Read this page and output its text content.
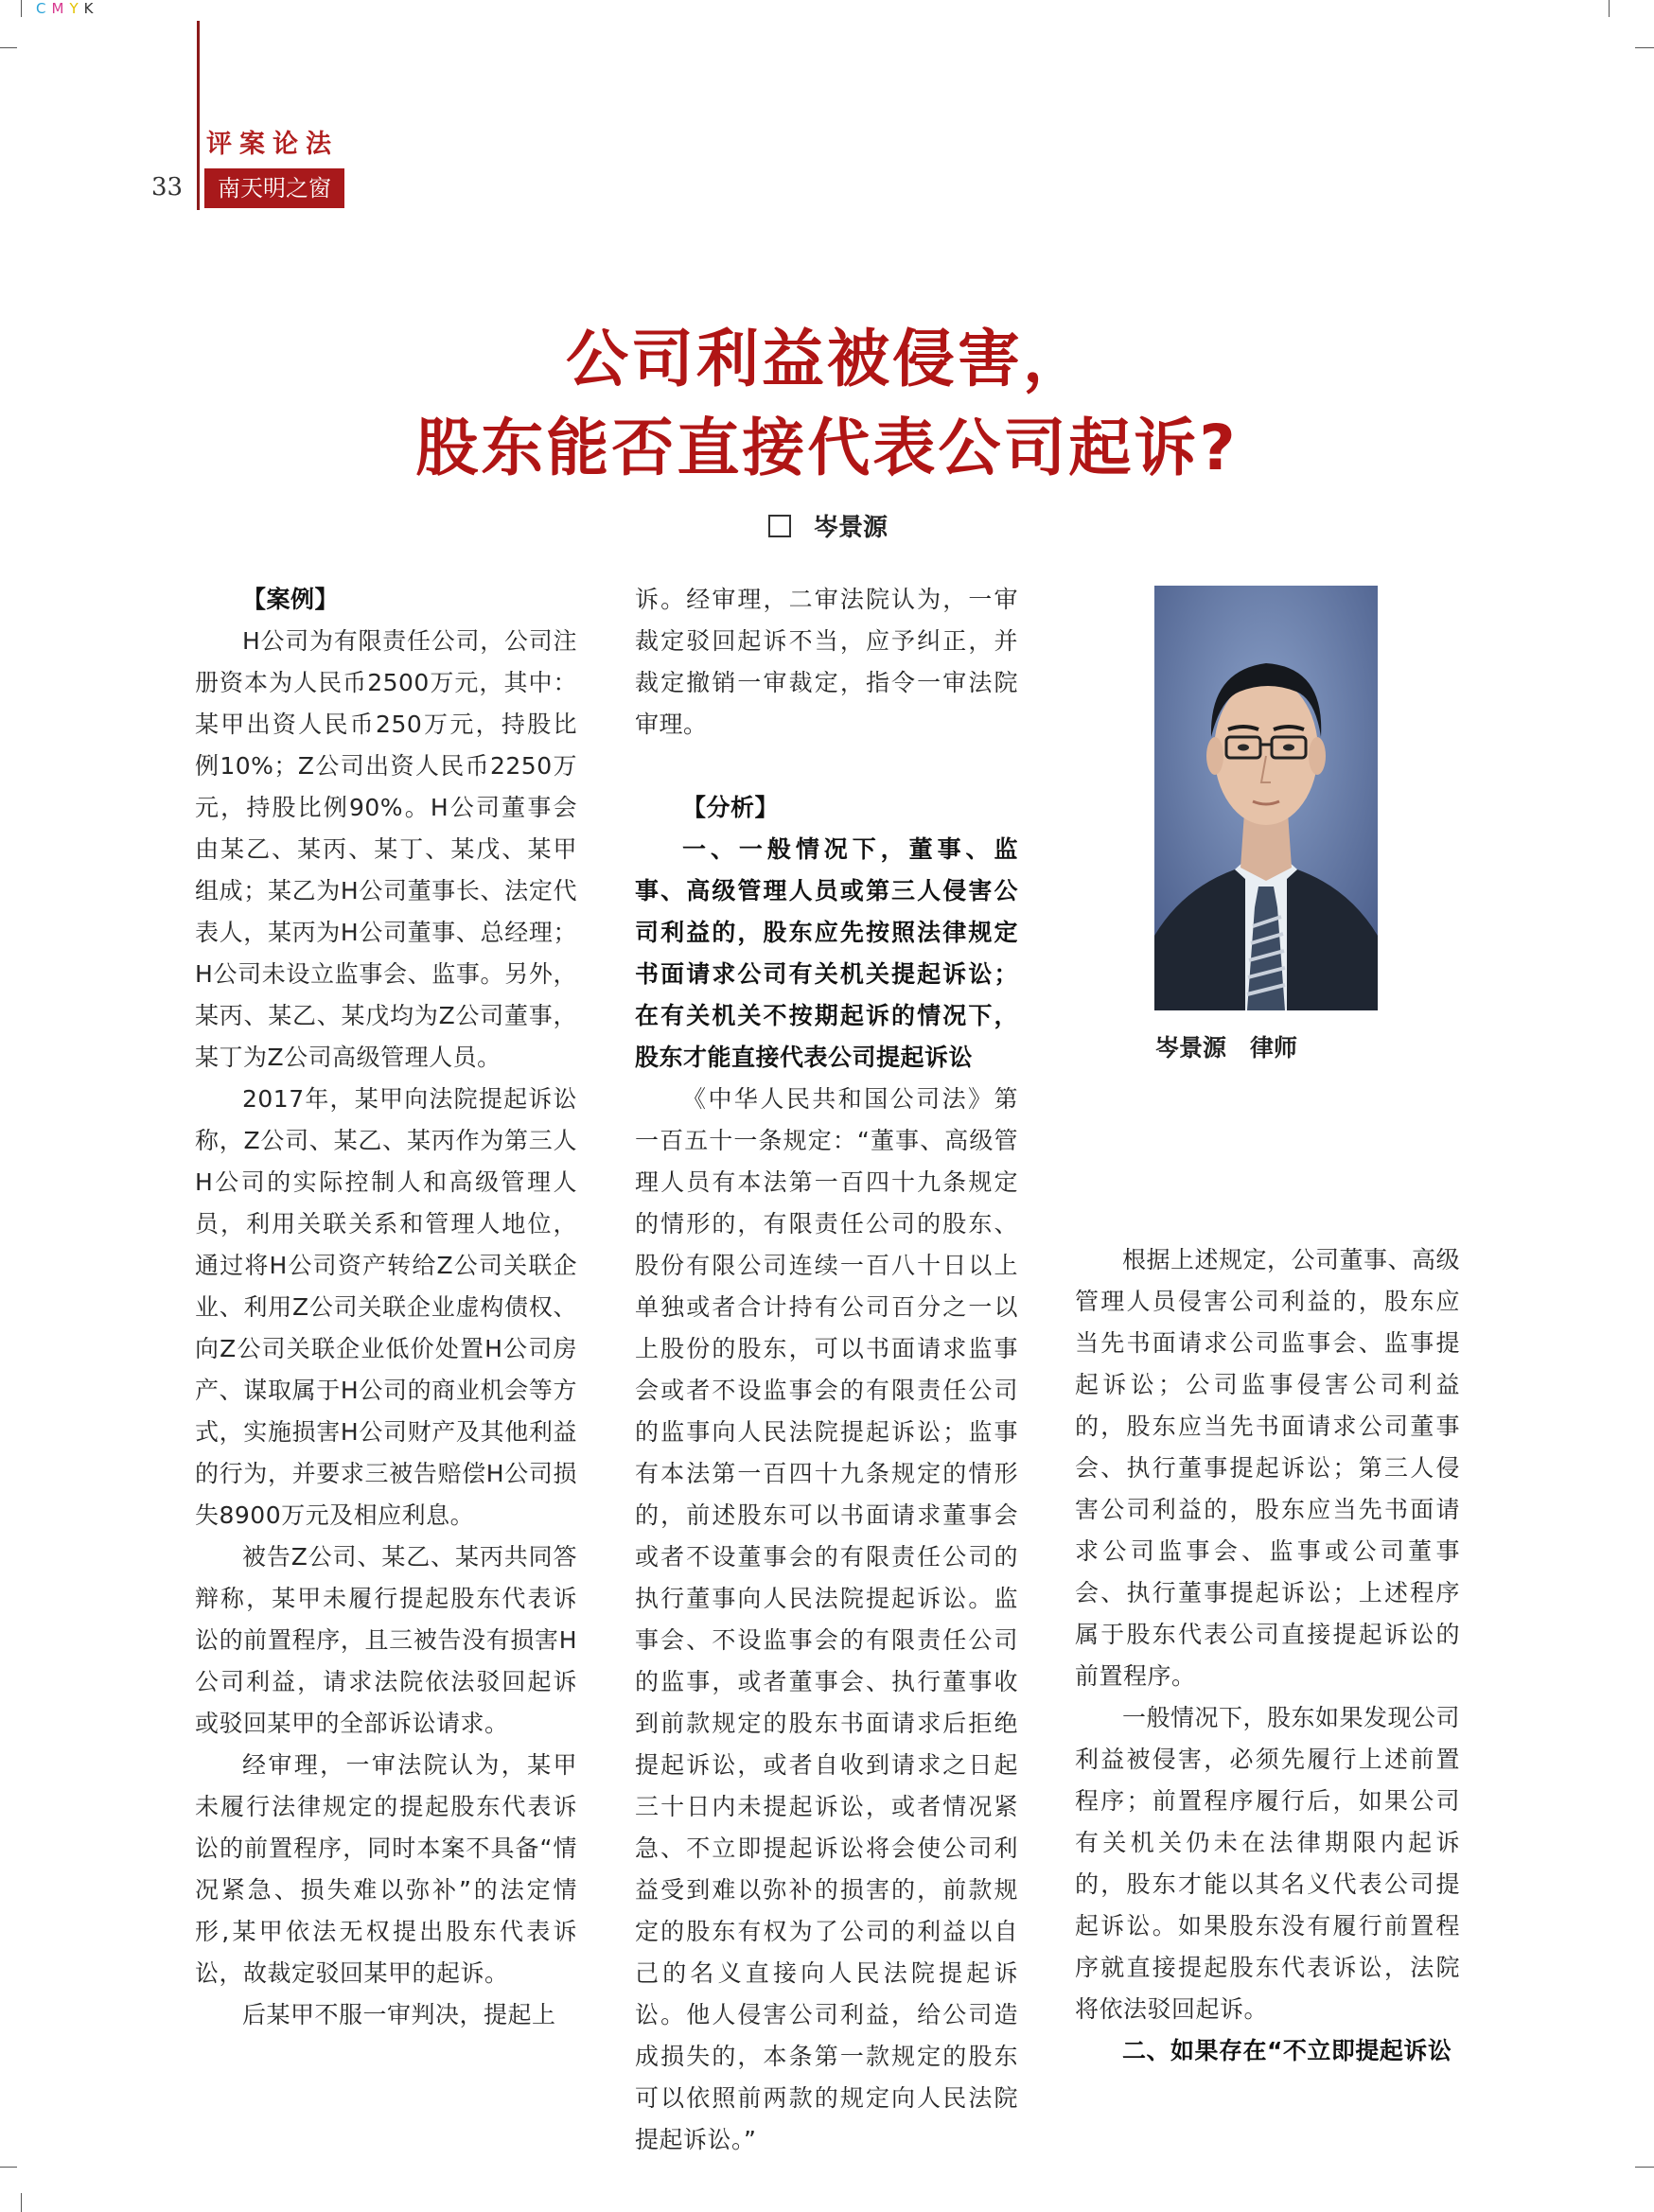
CMYK
评案论法
33	南天明之窗
公司利益被侵害，
股东能否直接代表公司起诉?
岑景源

【案例】

H公司为有限责任公司，公司注册资本为人民币2500万元，其中：某甲出资人民币250万元，持股比例10%；Z公司出资人民币2250万元，持股比例90%。H公司董事会由某乙、某丙、某丁、某戊、某甲组成；某乙为H公司董事长、法定代表人，某丙为H公司董事、总经理；H公司未设立监事会、监事。另外，某丙、某乙、某戊均为Z公司董事，某丁为Z公司高级管理人员。

2017年，某甲向法院提起诉讼称，Z公司、某乙、某丙作为第三人H公司的实际控制人和高级管理人员，利用关联关系和管理人地位，通过将H公司资产转给Z公司关联企业、利用Z公司关联企业虚构债权、向Z公司关联企业低价处置H公司房产、谋取属于H公司的商业机会等方式，实施损害H公司财产及其他利益的行为，并要求三被告赔偿H公司损失8900万元及相应利息。

被告Z公司、某乙、某丙共同答辩称，某甲未履行提起股东代表诉讼的前置程序，且三被告没有损害H公司利益，请求法院依法驳回起诉或驳回某甲的全部诉讼请求。

经审理，一审法院认为，某甲未履行法律规定的提起股东代表诉讼的前置程序，同时本案不具备“情况紧急、损失难以弥补”的法定情形,某甲依法无权提出股东代表诉讼，故裁定驳回某甲的起诉。

后某甲不服一审判决，提起上

诉。经审理，二审法院认为，一审裁定驳回起诉不当，应予纠正，并裁定撤销一审裁定，指令一审法院审理。

【分析】

一、一般情况下，董事、监事、高级管理人员或第三人侵害公司利益的，股东应先按照法律规定书面请求公司有关机关提起诉讼；在有关机关不按期起诉的情况下，股东才能直接代表公司提起诉讼

《中华人民共和国公司法》第一百五十一条规定：“董事、高级管理人员有本法第一百四十九条规定的情形的，有限责任公司的股东、股份有限公司连续一百八十日以上单独或者合计持有公司百分之一以上股份的股东，可以书面请求监事会或者不设监事会的有限责任公司的监事向人民法院提起诉讼；监事有本法第一百四十九条规定的情形的，前述股东可以书面请求董事会或者不设董事会的有限责任公司的执行董事向人民法院提起诉讼。监事会、不设监事会的有限责任公司的监事，或者董事会、执行董事收到前款规定的股东书面请求后拒绝提起诉讼，或者自收到请求之日起三十日内未提起诉讼，或者情况紧急、不立即提起诉讼将会使公司利益受到难以弥补的损害的，前款规定的股东有权为了公司的利益以自己的名义直接向人民法院提起诉讼。他人侵害公司利益，给公司造成损失的，本条第一款规定的股东可以依照前两款的规定向人民法院提起诉讼。”

岑景源　律师

根据上述规定，公司董事、高级管理人员侵害公司利益的，股东应当先书面请求公司监事会、监事提起诉讼；公司监事侵害公司利益的，股东应当先书面请求公司董事会、执行董事提起诉讼；第三人侵害公司利益的，股东应当先书面请求公司监事会、监事或公司董事会、执行董事提起诉讼；上述程序属于股东代表公司直接提起诉讼的前置程序。

一般情况下，股东如果发现公司利益被侵害，必须先履行上述前置程序；前置程序履行后，如果公司有关机关仍未在法律期限内起诉的，股东才能以其名义代表公司提起诉讼。如果股东没有履行前置程序就直接提起股东代表诉讼，法院将依法驳回起诉。

二、如果存在“不立即提起诉讼
